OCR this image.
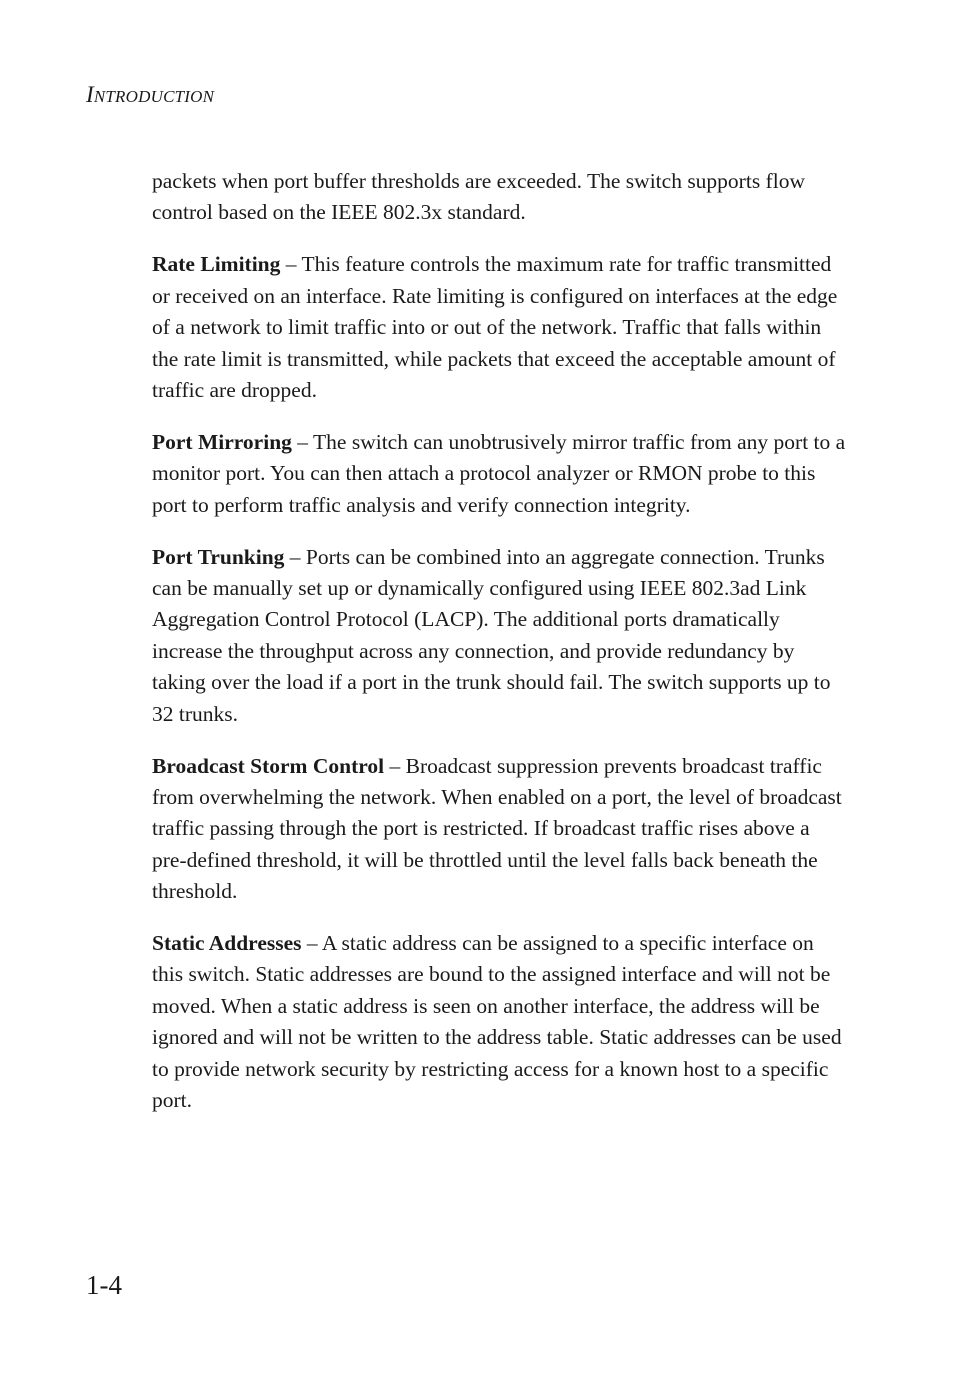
INTRODUCTION

packets when port buffer thresholds are exceeded. The switch supports flow control based on the IEEE 802.3x standard.

Rate Limiting – This feature controls the maximum rate for traffic transmitted or received on an interface. Rate limiting is configured on interfaces at the edge of a network to limit traffic into or out of the network. Traffic that falls within the rate limit is transmitted, while packets that exceed the acceptable amount of traffic are dropped.

Port Mirroring – The switch can unobtrusively mirror traffic from any port to a monitor port. You can then attach a protocol analyzer or RMON probe to this port to perform traffic analysis and verify connection integrity.

Port Trunking – Ports can be combined into an aggregate connection. Trunks can be manually set up or dynamically configured using IEEE 802.3ad Link Aggregation Control Protocol (LACP). The additional ports dramatically increase the throughput across any connection, and provide redundancy by taking over the load if a port in the trunk should fail. The switch supports up to 32 trunks.

Broadcast Storm Control – Broadcast suppression prevents broadcast traffic from overwhelming the network. When enabled on a port, the level of broadcast traffic passing through the port is restricted. If broadcast traffic rises above a pre-defined threshold, it will be throttled until the level falls back beneath the threshold.

Static Addresses – A static address can be assigned to a specific interface on this switch. Static addresses are bound to the assigned interface and will not be moved. When a static address is seen on another interface, the address will be ignored and will not be written to the address table. Static addresses can be used to provide network security by restricting access for a known host to a specific port.

1-4
